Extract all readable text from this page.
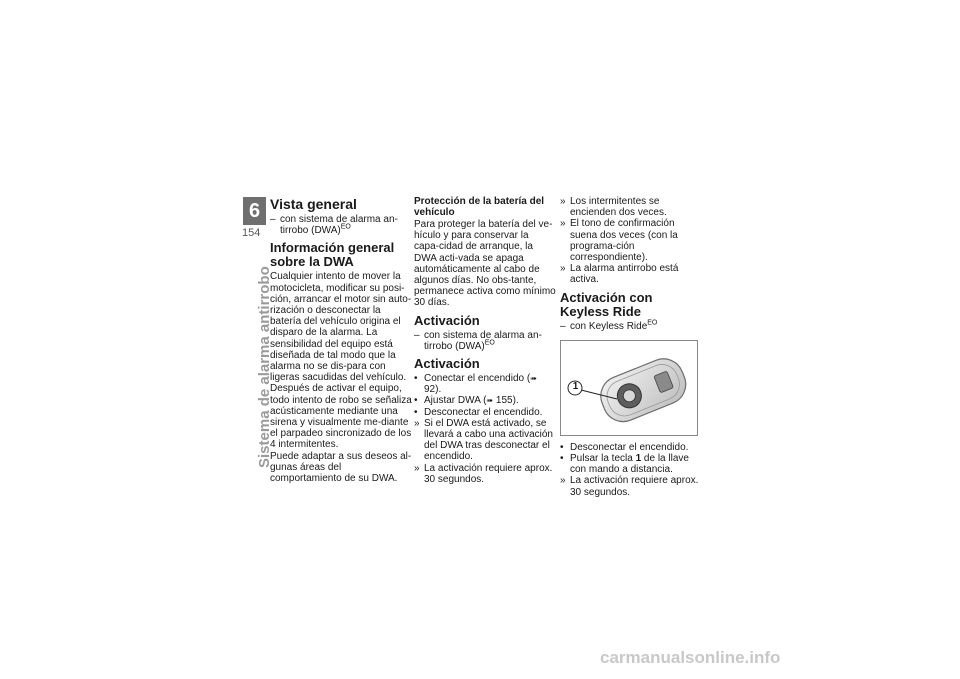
6
154
Sistema de alarma antirrobo
Vista general

– con sistema de alarma an-tirrobo (DWA)$^{EO}$

Información general sobre la DWA

Cualquier intento de mover la motocicleta, modificar su posi-ción, arrancar el motor sin auto-rización o desconectar la batería del vehículo origina el disparo de la alarma. La sensibilidad del equipo está diseñada de tal modo que la alarma no se dis-para con ligeras sacudidas del vehículo. Después de activar el equipo, todo intento de robo se señaliza acústicamente mediante una sirena y visualmente me-diante el parpadeo sincronizado de los 4 intermitentes.

Puede adaptar a sus deseos al-gunas áreas del comportamiento de su DWA.

Protección de la batería del vehículo

Para proteger la batería del ve-hículo y para conservar la capa-cidad de arranque, la DWA acti-vada se apaga automáticamente al cabo de algunos días. No obs-tante, permanece activa como mínimo 30 días.

Activación

– con sistema de alarma an-tirrobo (DWA)$^{EO}$

Activación

• Conectar el encendido (➠ 92).

• Ajustar DWA (➠ 155).

• Desconectar el encendido.

» Si el DWA está activado, se llevará a cabo una activación del DWA tras desconectar el encendido.

» La activación requiere aprox. 30 segundos.

» Los intermitentes se encienden dos veces.

» El tono de confirmación suena dos veces (con la programa-ción correspondiente).

» La alarma antirrobo está activa.

Activación con Keyless Ride

– con Keyless Ride$^{EO}$

1

• Desconectar el encendido.

• Pulsar la tecla 1 de la llave con mando a distancia.

» La activación requiere aprox. 30 segundos.

carmanualsonline.info
